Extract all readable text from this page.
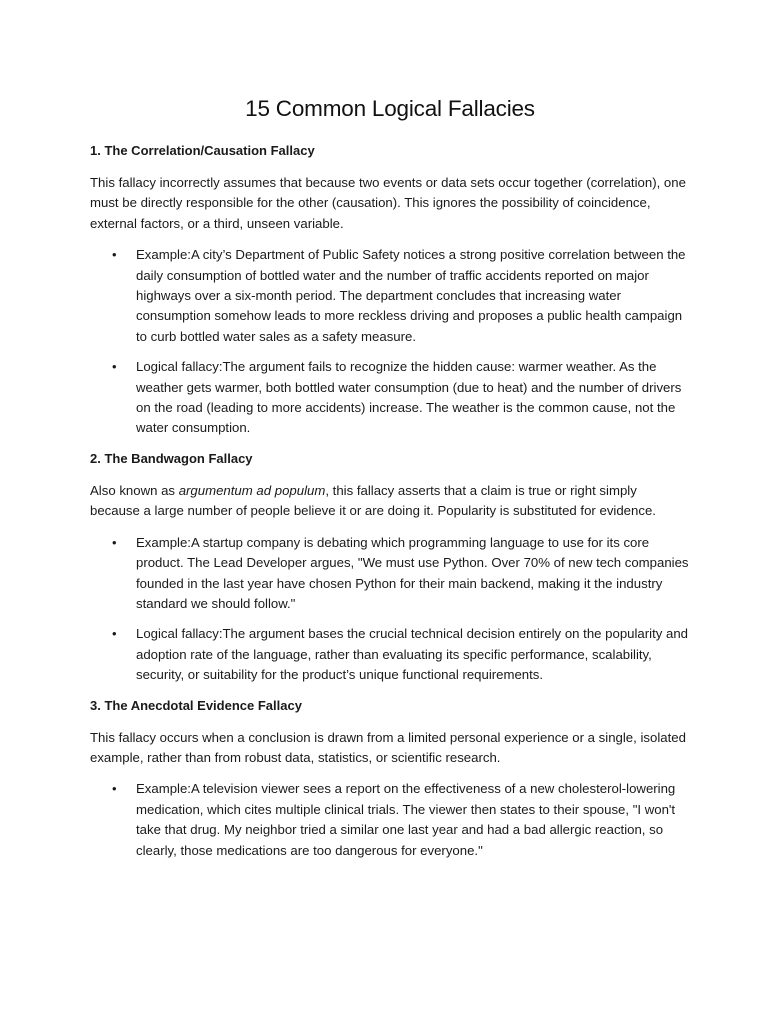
15 Common Logical Fallacies
1. The Correlation/Causation Fallacy

This fallacy incorrectly assumes that because two events or data sets occur together (correlation), one must be directly responsible for the other (causation). This ignores the possibility of coincidence, external factors, or a third, unseen variable.

• Example:A city’s Department of Public Safety notices a strong positive correlation between the daily consumption of bottled water and the number of traffic accidents reported on major highways over a six-month period. The department concludes that increasing water consumption somehow leads to more reckless driving and proposes a public health campaign to curb bottled water sales as a safety measure.
• Logical fallacy:The argument fails to recognize the hidden cause: warmer weather. As the weather gets warmer, both bottled water consumption (due to heat) and the number of drivers on the road (leading to more accidents) increase. The weather is the common cause, not the water consumption.
2. The Bandwagon Fallacy

Also known as argumentum ad populum, this fallacy asserts that a claim is true or right simply because a large number of people believe it or are doing it. Popularity is substituted for evidence.

• Example:A startup company is debating which programming language to use for its core product. The Lead Developer argues, "We must use Python. Over 70% of new tech companies founded in the last year have chosen Python for their main backend, making it the industry standard we should follow."
• Logical fallacy:The argument bases the crucial technical decision entirely on the popularity and adoption rate of the language, rather than evaluating its specific performance, scalability, security, or suitability for the product’s unique functional requirements.
3. The Anecdotal Evidence Fallacy

This fallacy occurs when a conclusion is drawn from a limited personal experience or a single, isolated example, rather than from robust data, statistics, or scientific research.

• Example:A television viewer sees a report on the effectiveness of a new cholesterol-lowering medication, which cites multiple clinical trials. The viewer then states to their spouse, "I won't take that drug. My neighbor tried a similar one last year and had a bad allergic reaction, so clearly, those medications are too dangerous for everyone."
